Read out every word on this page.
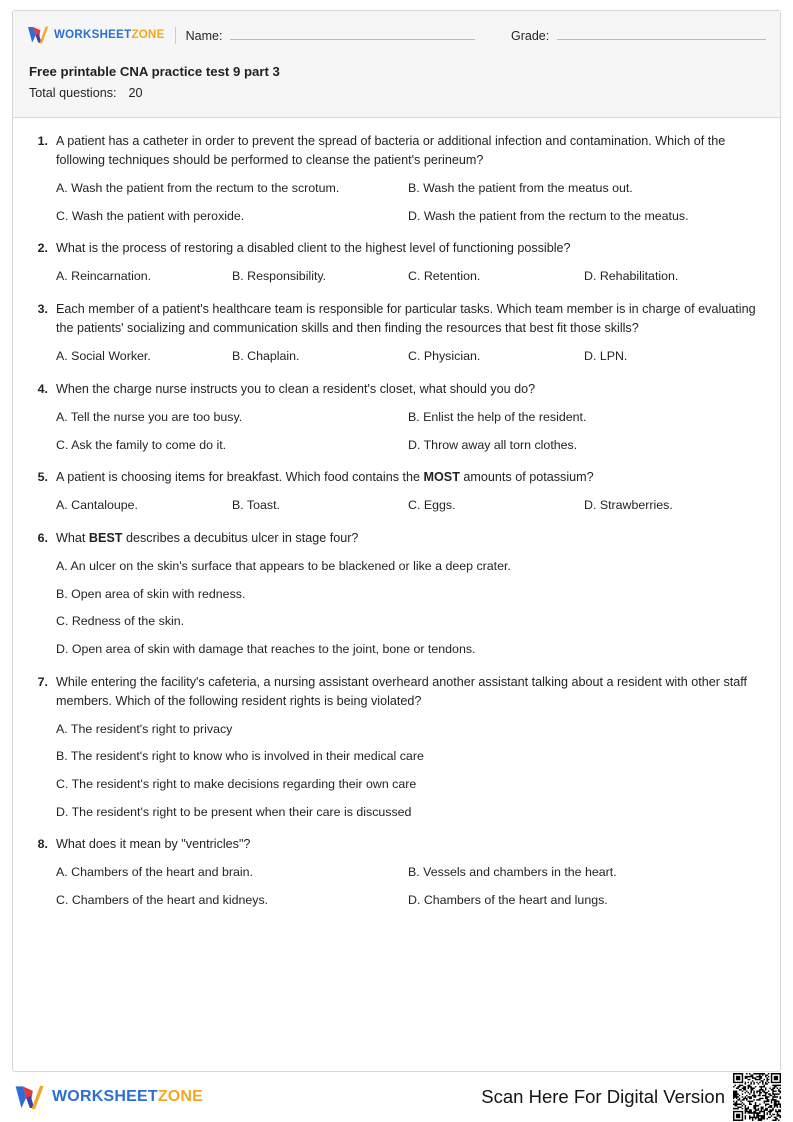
WORKSHEETZONE Name:	Grade:
Free printable CNA practice test 9 part 3
Total questions: 20
1. A patient has a catheter in order to prevent the spread of bacteria or additional infection and contamination. Which of the following techniques should be performed to cleanse the patient's perineum?
A. Wash the patient from the rectum to the scrotum.	B. Wash the patient from the meatus out.
C. Wash the patient with peroxide.	D. Wash the patient from the rectum to the meatus.
2. What is the process of restoring a disabled client to the highest level of functioning possible?
A. Reincarnation.	B. Responsibility.	C. Retention.	D. Rehabilitation.
3. Each member of a patient's healthcare team is responsible for particular tasks. Which team member is in charge of evaluating the patients' socializing and communication skills and then finding the resources that best fit those skills?
A. Social Worker.	B. Chaplain.	C. Physician.	D. LPN.
4. When the charge nurse instructs you to clean a resident's closet, what should you do?
A. Tell the nurse you are too busy.	B. Enlist the help of the resident.
C. Ask the family to come do it.	D. Throw away all torn clothes.
5. A patient is choosing items for breakfast. Which food contains the MOST amounts of potassium?
A. Cantaloupe.	B. Toast.	C. Eggs.	D. Strawberries.
6. What BEST describes a decubitus ulcer in stage four?
A. An ulcer on the skin's surface that appears to be blackened or like a deep crater.
B. Open area of skin with redness.
C. Redness of the skin.
D. Open area of skin with damage that reaches to the joint, bone or tendons.
7. While entering the facility's cafeteria, a nursing assistant overheard another assistant talking about a resident with other staff members. Which of the following resident rights is being violated?
A. The resident's right to privacy
B. The resident's right to know who is involved in their medical care
C. The resident's right to make decisions regarding their own care
D. The resident's right to be present when their care is discussed
8. What does it mean by "ventricles"?
A. Chambers of the heart and brain.	B. Vessels and chambers in the heart.
C. Chambers of the heart and kidneys.	D. Chambers of the heart and lungs.
WORKSHEETZONE	Scan Here For Digital Version
